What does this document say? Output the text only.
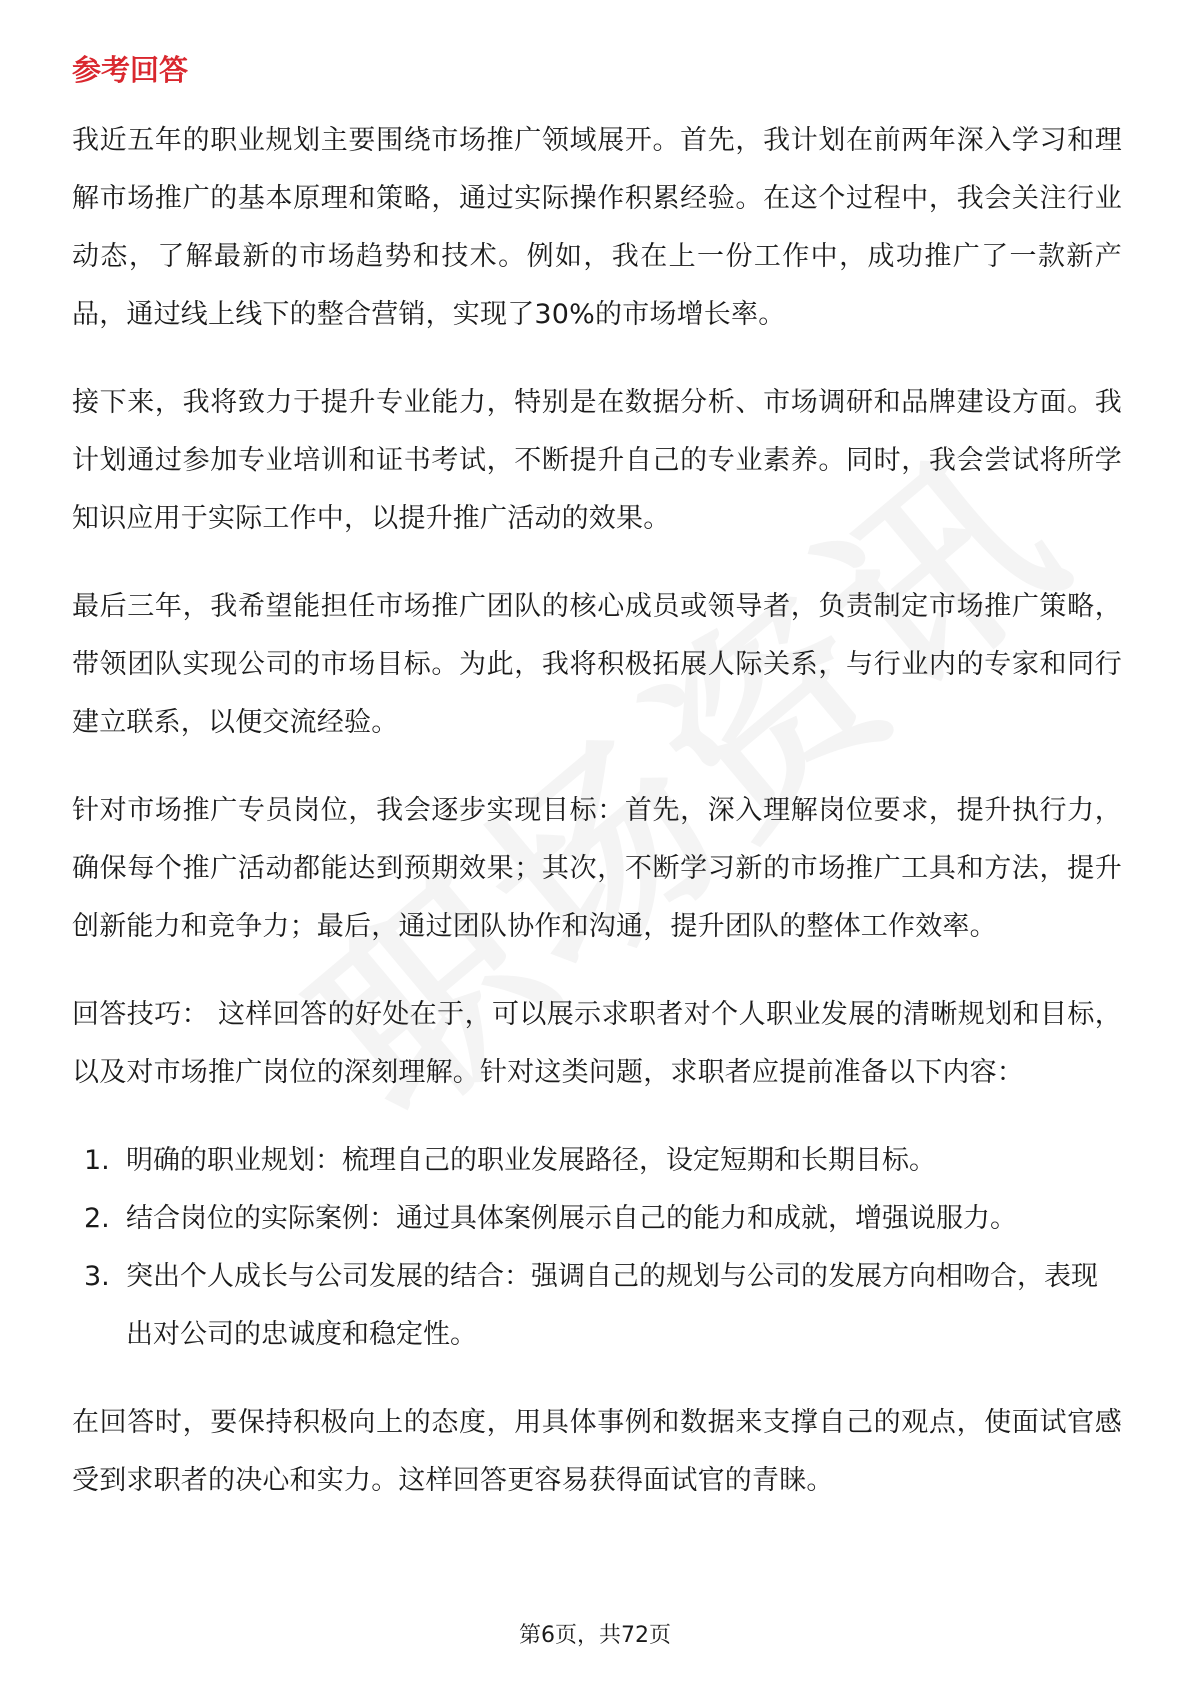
参考回答

我近五年的职业规划主要围绕市场推广领域展开。首先，我计划在前两年深入学习和理解市场推广的基本原理和策略，通过实际操作积累经验。在这个过程中，我会关注行业动态，了解最新的市场趋势和技术。例如，我在上一份工作中，成功推广了一款新产品，通过线上线下的整合营销，实现了30%的市场增长率。

接下来，我将致力于提升专业能力，特别是在数据分析、市场调研和品牌建设方面。我计划通过参加专业培训和证书考试，不断提升自己的专业素养。同时，我会尝试将所学知识应用于实际工作中，以提升推广活动的效果。

最后三年，我希望能担任市场推广团队的核心成员或领导者，负责制定市场推广策略，带领团队实现公司的市场目标。为此，我将积极拓展人际关系，与行业内的专家和同行建立联系，以便交流经验。

针对市场推广专员岗位，我会逐步实现目标：首先，深入理解岗位要求，提升执行力，确保每个推广活动都能达到预期效果；其次，不断学习新的市场推广工具和方法，提升创新能力和竞争力；最后，通过团队协作和沟通，提升团队的整体工作效率。

回答技巧： 这样回答的好处在于，可以展示求职者对个人职业发展的清晰规划和目标，以及对市场推广岗位的深刻理解。针对这类问题，求职者应提前准备以下内容：

1. 明确的职业规划：梳理自己的职业发展路径，设定短期和长期目标。
2. 结合岗位的实际案例：通过具体案例展示自己的能力和成就，增强说服力。
3. 突出个人成长与公司发展的结合：强调自己的规划与公司的发展方向相吻合，表现出对公司的忠诚度和稳定性。

在回答时，要保持积极向上的态度，用具体事例和数据来支撑自己的观点，使面试官感受到求职者的决心和实力。这样回答更容易获得面试官的青睐。

第6页，共72页
